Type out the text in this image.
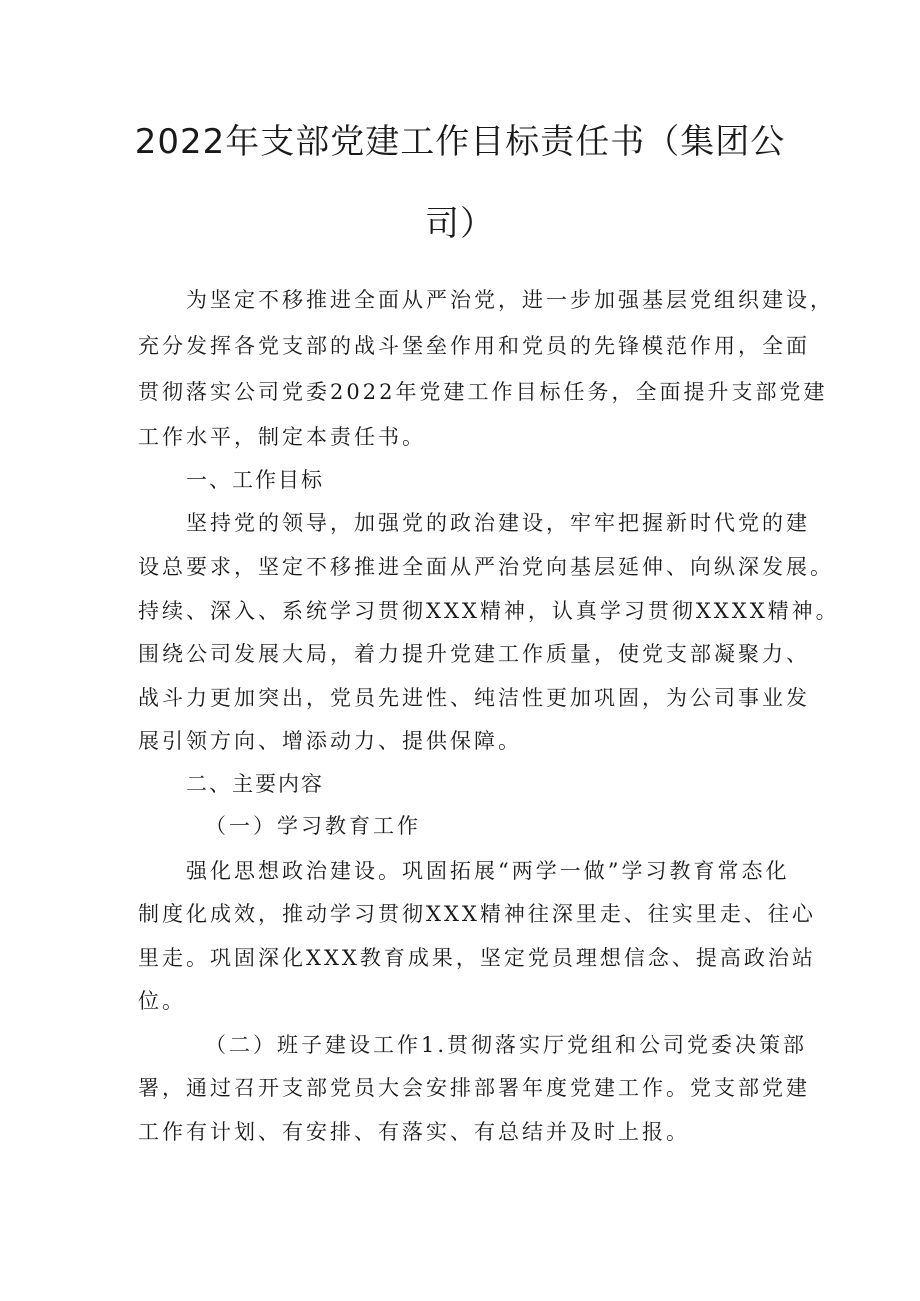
2022年支部党建工作目标责任书（集团公
司）
为坚定不移推进全面从严治党，进一步加强基层党组织建设，
充分发挥各党支部的战斗堡垒作用和党员的先锋模范作用，全面
贯彻落实公司党委2022年党建工作目标任务，全面提升支部党建
工作水平，制定本责任书。
一、工作目标
坚持党的领导，加强党的政治建设，牢牢把握新时代党的建
设总要求，坚定不移推进全面从严治党向基层延伸、向纵深发展。
持续、深入、系统学习贯彻XXX精神，认真学习贯彻XXXX精神。
围绕公司发展大局，着力提升党建工作质量，使党支部凝聚力、
战斗力更加突出，党员先进性、纯洁性更加巩固，为公司事业发
展引领方向、增添动力、提供保障。
二、主要内容
（一）学习教育工作
强化思想政治建设。巩固拓展“两学一做”学习教育常态化
制度化成效，推动学习贯彻XXX精神往深里走、往实里走、往心
里走。巩固深化XXX教育成果，坚定党员理想信念、提高政治站
位。
（二）班子建设工作1.贯彻落实厅党组和公司党委决策部
署，通过召开支部党员大会安排部署年度党建工作。党支部党建
工作有计划、有安排、有落实、有总结并及时上报。
